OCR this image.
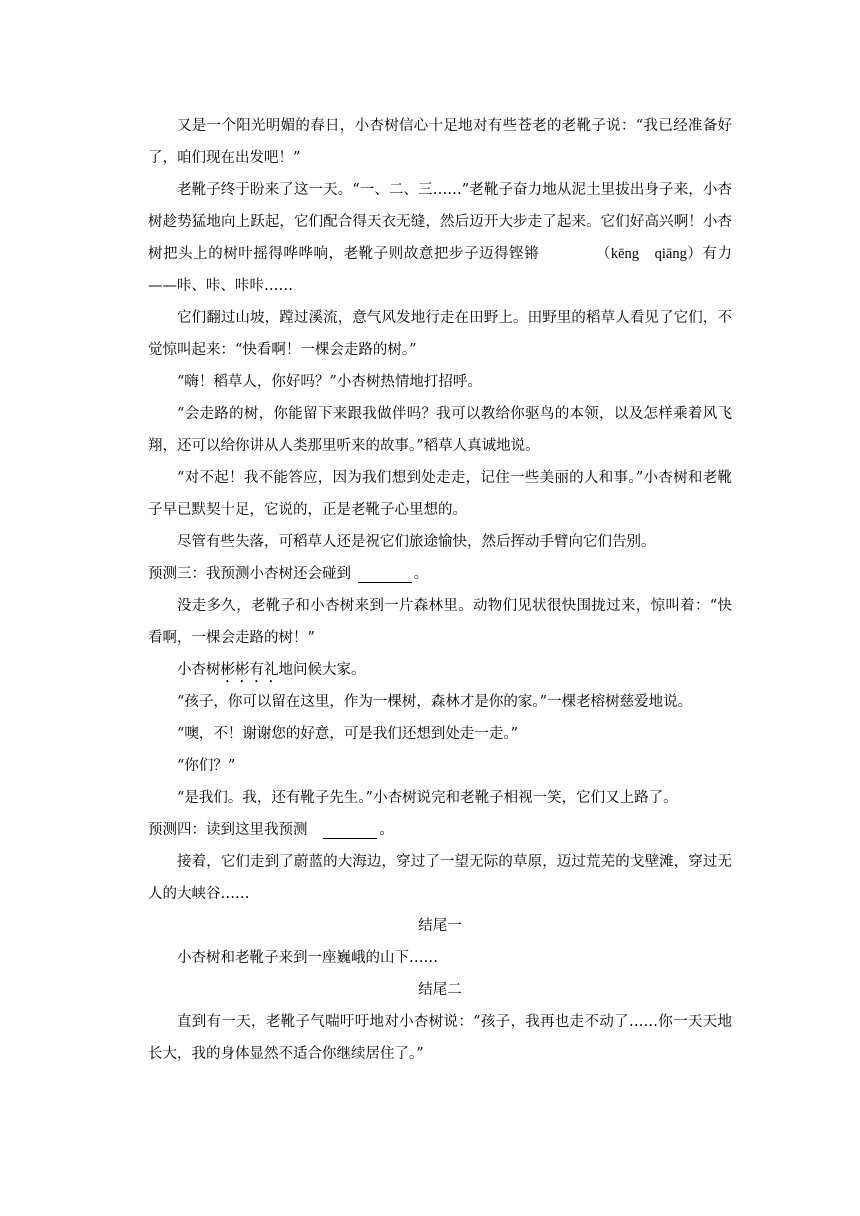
又是一个阳光明媚的春日，小杏树信心十足地对有些苍老的老靴子说：“我已经准备好了，咱们现在出发吧！”

老靴子终于盼来了这一天。“一、二、三……”老靴子奋力地从泥土里拔出身子来，小杏树趁势猛地向上跃起，它们配合得天衣无缝，然后迈开大步走了起来。它们好高兴啊！小杏树把头上的树叶摇得哗哗响，老靴子则故意把步子迈得铿锵	（kēng　qiāng）有力——咔、咔、咔咔……

它们翻过山坡，蹚过溪流，意气风发地行走在田野上。田野里的稻草人看见了它们，不觉惊叫起来：“快看啊！一棵会走路的树。”

“嗨！稻草人，你好吗？”小杏树热情地打招呼。

“会走路的树，你能留下来跟我做伴吗？我可以教给你驱鸟的本领，以及怎样乘着风飞翔，还可以给你讲从人类那里听来的故事。”稻草人真诚地说。

“对不起！我不能答应，因为我们想到处走走，记住一些美丽的人和事。”小杏树和老靴子早已默契十足，它说的，正是老靴子心里想的。

尽管有些失落，可稻草人还是祝它们旅途愉快，然后挥动手臂向它们告别。

预测三：我预测小杏树还会碰到	。

没走多久，老靴子和小杏树来到一片森林里。动物们见状很快围拢过来，惊叫着：“快看啊，一棵会走路的树！”

小杏树彬彬有礼地问候大家。

“孩子，你可以留在这里，作为一棵树，森林才是你的家。”一棵老榕树慈爱地说。

“噢，不！谢谢您的好意，可是我们还想到处走一走。”

“你们？”

“是我们。我，还有靴子先生。”小杏树说完和老靴子相视一笑，它们又上路了。

预测四：读到这里我预测	。

接着，它们走到了蔚蓝的大海边，穿过了一望无际的草原，迈过荒芜的戈壁滩，穿过无人的大峡谷……

结尾一

小杏树和老靴子来到一座巍峨的山下……

结尾二

直到有一天，老靴子气喘吁吁地对小杏树说：“孩子，我再也走不动了……你一天天地长大，我的身体显然不适合你继续居住了。”
